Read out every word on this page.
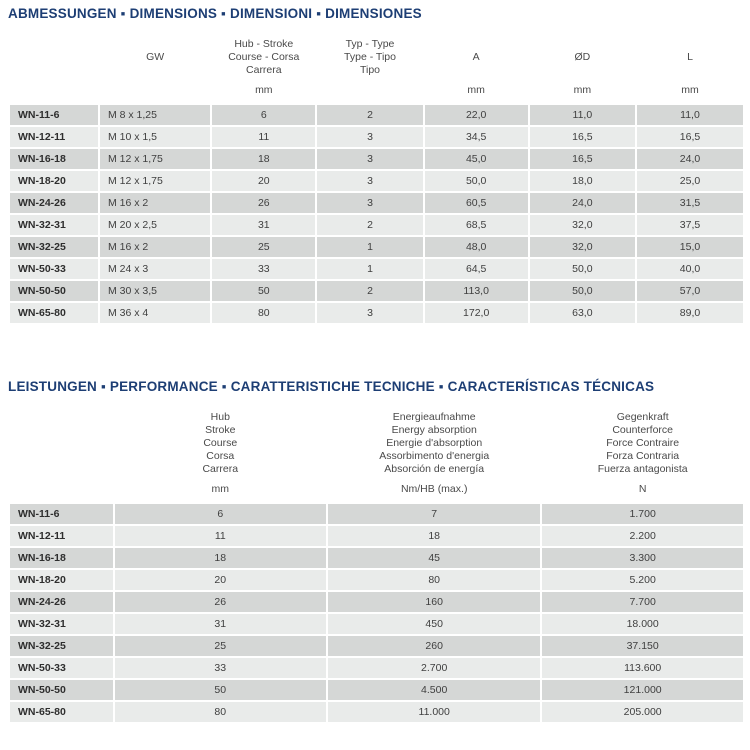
ABMESSUNGEN ▪ DIMENSIONS ▪ DIMENSIONI ▪ DIMENSIONES

GW

Hub - Stroke
Course - Corsa
Carrera

Typ - Type
Type - Tipo
Tipo

A	ØD	L

		mm		mm	mm	mm
WN-11-6	M 8 x 1,25	6	2	22,0	11,0	11,0
WN-12-11	M 10 x 1,5	11	3	34,5	16,5	16,5
WN-16-18	M 12 x 1,75	18	3	45,0	16,5	24,0
WN-18-20	M 12 x 1,75	20	3	50,0	18,0	25,0
WN-24-26	M 16 x 2	26	3	60,5	24,0	31,5
WN-32-31	M 20 x 2,5	31	2	68,5	32,0	37,5
WN-32-25	M 16 x 2	25	1	48,0	32,0	15,0
WN-50-33	M 24 x 3	33	1	64,5	50,0	40,0
WN-50-50	M 30 x 3,5	50	2	113,0	50,0	57,0
WN-65-80	M 36 x 4	80	3	172,0	63,0	89,0
LEISTUNGEN ▪ PERFORMANCE ▪ CARATTERISTICHE TECNICHE ▪ CARACTERÍSTICAS TÉCNICAS

Hub
Stroke
Course
Corsa
Carrera

Energieaufnahme
Energy absorption
Energie d'absorption
Assorbimento d'energia
Absorción de energía

Gegenkraft
Counterforce
Force Contraire
Forza Contraria
Fuerza antagonista

	mm	Nm/HB (max.)	N
WN-11-6	6	7	1.700
WN-12-11	11	18	2.200
WN-16-18	18	45	3.300
WN-18-20	20	80	5.200
WN-24-26	26	160	7.700
WN-32-31	31	450	18.000
WN-32-25	25	260	37.150
WN-50-33	33	2.700	113.600
WN-50-50	50	4.500	121.000
WN-65-80	80	11.000	205.000
